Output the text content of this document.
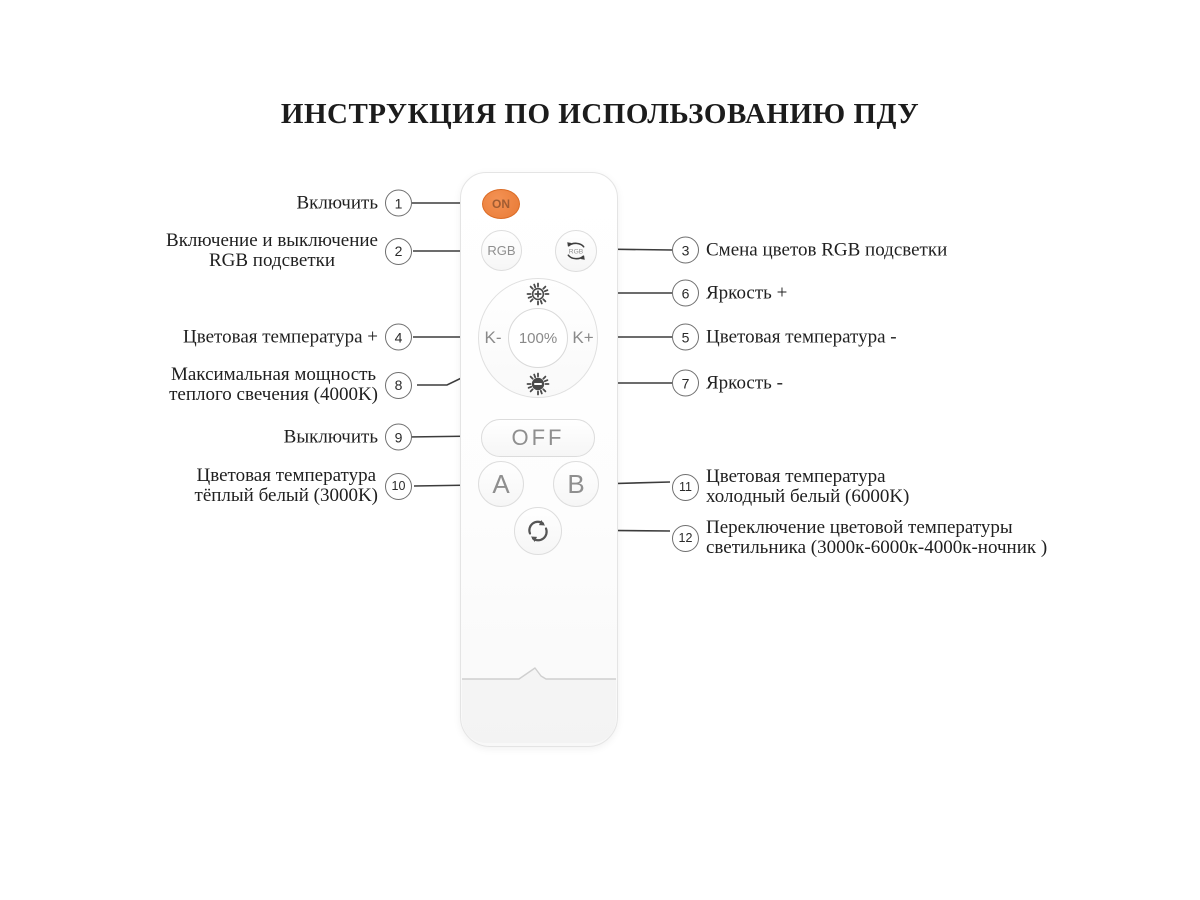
ИНСТРУКЦИЯ ПО ИСПОЛЬЗОВАНИЮ ПДУ
ON
RGB	RGB
K-	100% K+
OFF
A	B
Включить	1
Включение и выключение
RGB подсветки	2
Цветовая температура +	4
Максимальная мощность
теплого свечения (4000K)	8
Выключить	9
Цветовая температура
тёплый белый (3000K)	10
3 Смена цветов RGB подсветки
6 Яркость +
5 Цветовая температура -
7 Яркость -
11 Цветовая температура
холодный белый (6000K)
12 Переключение цветовой температуры
светильника (3000к-6000к-4000к-ночник )
